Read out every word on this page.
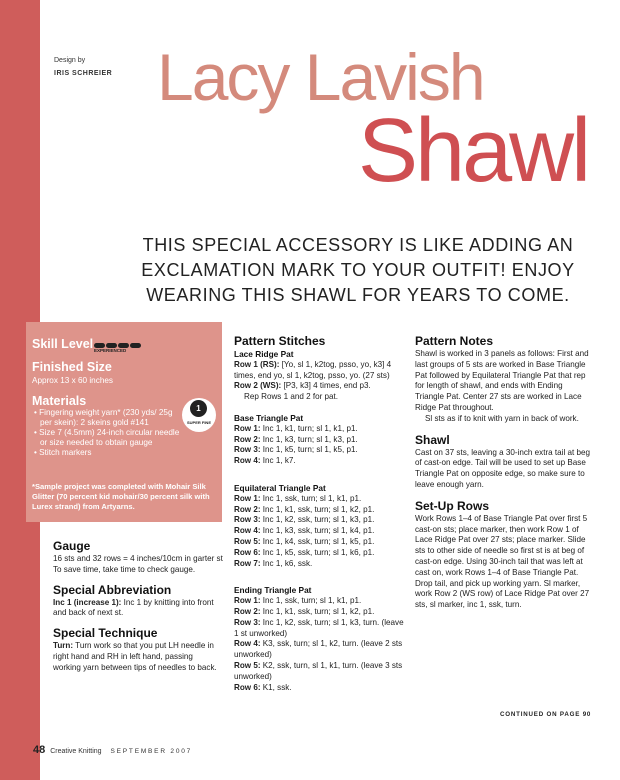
Design by
IRIS SCHREIER Lacy Lavish
Shawl
THIS SPECIAL ACCESSORY IS LIKE ADDING AN
EXCLAMATION MARK TO YOUR OUTFIT! ENJOY
WEARING THIS SHAWL FOR YEARS TO COME.
Skill Level EXPERIENCED
Finished Size
Approx 13 x 60 inches
Materials
• Fingering weight yarn* (230 yds/ 25g per skein): 2 skeins gold #141
• Size 7 (4.5mm) 24-inch circular needle or size needed to obtain gauge
• Stitch markers
1
SUPER FINE
*Sample project was completed with Mohair Silk Glitter (70 percent kid mohair/30 percent silk with Lurex strand) from Artyarns.
Gauge
16 sts and 32 rows = 4 inches/10cm in garter st
To save time, take time to check gauge.
Special Abbreviation
Inc 1 (increase 1): Inc 1 by knitting into front and back of next st.
Special Technique
Turn: Turn work so that you put LH needle in right hand and RH in left hand, passing working yarn between tips of needles to back.
Pattern Stitches
Lace Ridge Pat
Row 1 (RS): [Yo, sl 1, k2tog, psso, yo, k3] 4 times, end yo, sl 1, k2tog, psso, yo. (27 sts)
Row 2 (WS): [P3, k3] 4 times, end p3.
Rep Rows 1 and 2 for pat.
Base Triangle Pat
Row 1: Inc 1, k1, turn; sl 1, k1, p1.
Row 2: Inc 1, k3, turn; sl 1, k3, p1.
Row 3: Inc 1, k5, turn; sl 1, k5, p1.
Row 4: Inc 1, k7.
Equilateral Triangle Pat
Row 1: Inc 1, ssk, turn; sl 1, k1, p1.
Row 2: Inc 1, k1, ssk, turn; sl 1, k2, p1.
Row 3: Inc 1, k2, ssk, turn; sl 1, k3, p1.
Row 4: Inc 1, k3, ssk, turn; sl 1, k4, p1.
Row 5: Inc 1, k4, ssk, turn; sl 1, k5, p1.
Row 6: Inc 1, k5, ssk, turn; sl 1, k6, p1.
Row 7: Inc 1, k6, ssk.
Ending Triangle Pat
Row 1: Inc 1, ssk, turn; sl 1, k1, p1.
Row 2: Inc 1, k1, ssk, turn; sl 1, k2, p1.
Row 3: Inc 1, k2, ssk, turn; sl 1, k3, turn. (leave 1 st unworked)
Row 4: K3, ssk, turn; sl 1, k2, turn. (leave 2 sts unworked)
Row 5: K2, ssk, turn, sl 1, k1, turn. (leave 3 sts unworked)
Row 6: K1, ssk.
Pattern Notes
Shawl is worked in 3 panels as follows: First and last groups of 5 sts are worked in Base Triangle Pat followed by Equilateral Triangle Pat that rep for length of shawl, and ends with Ending Triangle Pat. Center 27 sts are worked in Lace Ridge Pat throughout.
Sl sts as if to knit with yarn in back of work.
Shawl
Cast on 37 sts, leaving a 30-inch extra tail at beg of cast-on edge. Tail will be used to set up Base Triangle Pat on opposite edge, so make sure to leave enough yarn.
Set-Up Rows
Work Rows 1–4 of Base Triangle Pat over first 5 cast-on sts; place marker, then work Row 1 of Lace Ridge Pat over 27 sts; place marker. Slide sts to other side of needle so first st is at beg of cast-on edge. Using 30-inch tail that was left at cast on, work Rows 1–4 of Base Triangle Pat. Drop tail, and pick up working yarn. Sl marker, work Row 2 (WS row) of Lace Ridge Pat over 27 sts, sl marker, inc 1, ssk, turn.
CONTINUED ON PAGE 90
48 Creative Knitting SEPTEMBER 2007
